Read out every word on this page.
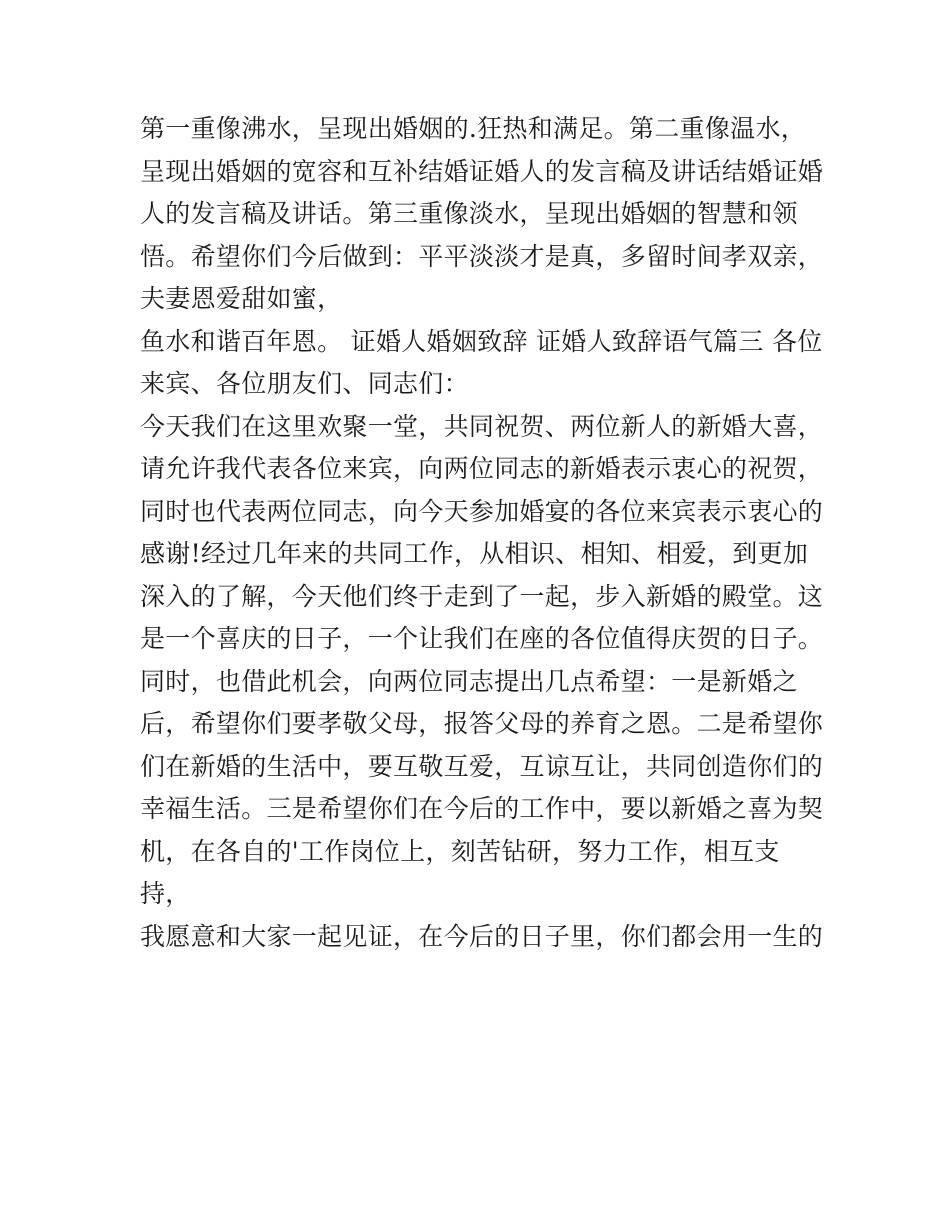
第一重像沸水，呈现出婚姻的.狂热和满足。第二重像温水，
呈现出婚姻的宽容和互补结婚证婚人的发言稿及讲话结婚证婚
人的发言稿及讲话。第三重像淡水，呈现出婚姻的智慧和领
悟。希望你们今后做到：平平淡淡才是真，多留时间孝双亲，
夫妻恩爱甜如蜜，
鱼水和谐百年恩。 证婚人婚姻致辞 证婚人致辞语气篇三 各位
来宾、各位朋友们、同志们：
今天我们在这里欢聚一堂，共同祝贺、两位新人的新婚大喜，
请允许我代表各位来宾，向两位同志的新婚表示衷心的祝贺，
同时也代表两位同志，向今天参加婚宴的各位来宾表示衷心的
感谢!经过几年来的共同工作，从相识、相知、相爱，到更加
深入的了解，今天他们终于走到了一起，步入新婚的殿堂。这
是一个喜庆的日子，一个让我们在座的各位值得庆贺的日子。
同时，也借此机会，向两位同志提出几点希望：一是新婚之
后，希望你们要孝敬父母，报答父母的养育之恩。二是希望你
们在新婚的生活中，要互敬互爱，互谅互让，共同创造你们的
幸福生活。三是希望你们在今后的工作中，要以新婚之喜为契
机，在各自的'工作岗位上，刻苦钻研，努力工作，相互支
持，
我愿意和大家一起见证，在今后的日子里，你们都会用一生的
